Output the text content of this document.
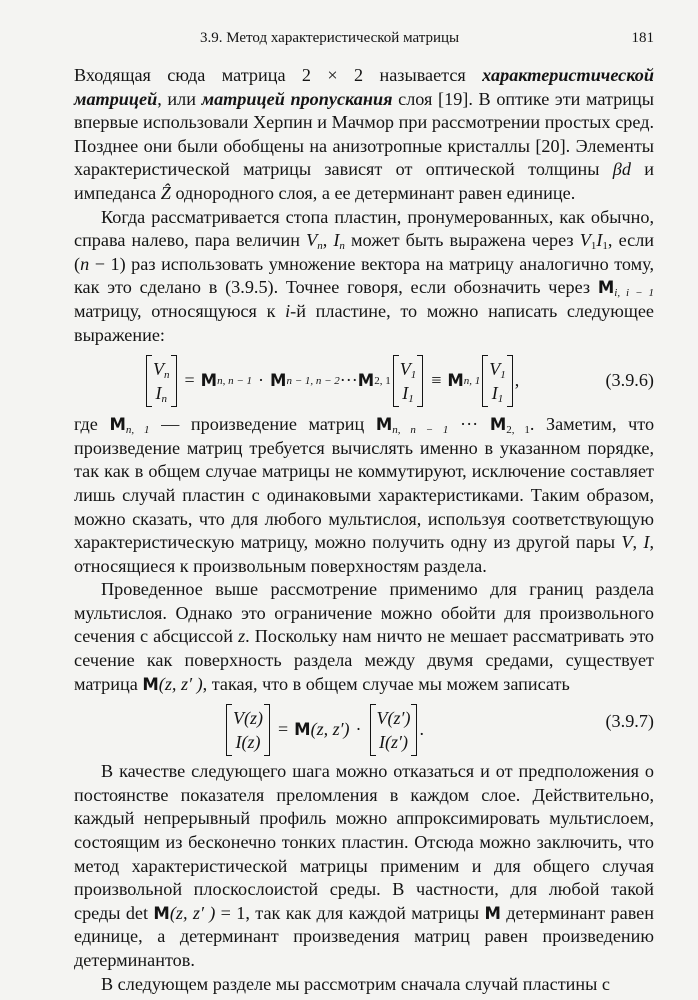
3.9. Метод характеристической матрицы	181

Входящая сюда матрица 2 × 2 называется характеристической матрицей, или матрицей пропускания слоя [19]. В оптике эти матрицы впервые использовали Херпин и Мачмор при рассмотрении простых сред. Позднее они были обобщены на анизотропные кристаллы [20]. Элементы характеристической матрицы зависят от оптической толщины βd и импеданса Ẑ однородного слоя, а ее детерминант равен единице.

Когда рассматривается стопа пластин, пронумерованных, как обычно, справа налево, пара величин $V_n$, $I_n$ может быть выражена через $V_1I_1$, если (n − 1) раз использовать умножение вектора на матрицу аналогично тому, как это сделано в (3.9.5). Точнее говоря, если обозначить через $M_{i, i - 1}$ матрицу, относящуюся к i-й пластине, то можно написать следующее выражение:

$V_n$
$I_n$
= M n, n − 1 · M n − 1, n − 2 ··· M 2, 1
$V_1$
$I_1$
≡ M n, 1
$V_1$
$I_1$
,	(3.9.6)

где $M_{n, 1}$ — произведение матриц $M_{n, n - 1}$ ··· $M_{2, 1}$. Заметим, что произведение матриц требуется вычислять именно в указанном порядке, так как в общем случае матрицы не коммутируют, исключение составляет лишь случай пластин с одинаковыми характеристиками. Таким образом, можно сказать, что для любого мультислоя, используя соответствующую характеристическую матрицу, можно получить одну из другой пары V, I, относящиеся к произвольным поверхностям раздела.

Проведенное выше рассмотрение применимо для границ раздела мультислоя. Однако это ограничение можно обойти для произвольного сечения с абсциссой z. Поскольку нам ничто не мешает рассматривать это сечение как поверхность раздела между двумя средами, существует матрица M(z, z′ ), такая, что в общем случае мы можем записать

V(z)
I(z)
= M (z, z′) ·
V(z′)
I(z′)
.	(3.9.7)

В качестве следующего шага можно отказаться и от предположения о постоянстве показателя преломления в каждом слое. Действительно, каждый непрерывный профиль можно аппроксимировать мультислоем, состоящим из бесконечно тонких пластин. Отсюда можно заключить, что метод характеристической матрицы применим и для общего случая произвольной плоскослоистой среды. В частности, для любой такой среды det M(z, z′ ) = 1, так как для каждой матрицы M детерминант равен единице, а детерминант произведения матриц равен произведению детерминантов.

В следующем разделе мы рассмотрим сначала случай пластины с
